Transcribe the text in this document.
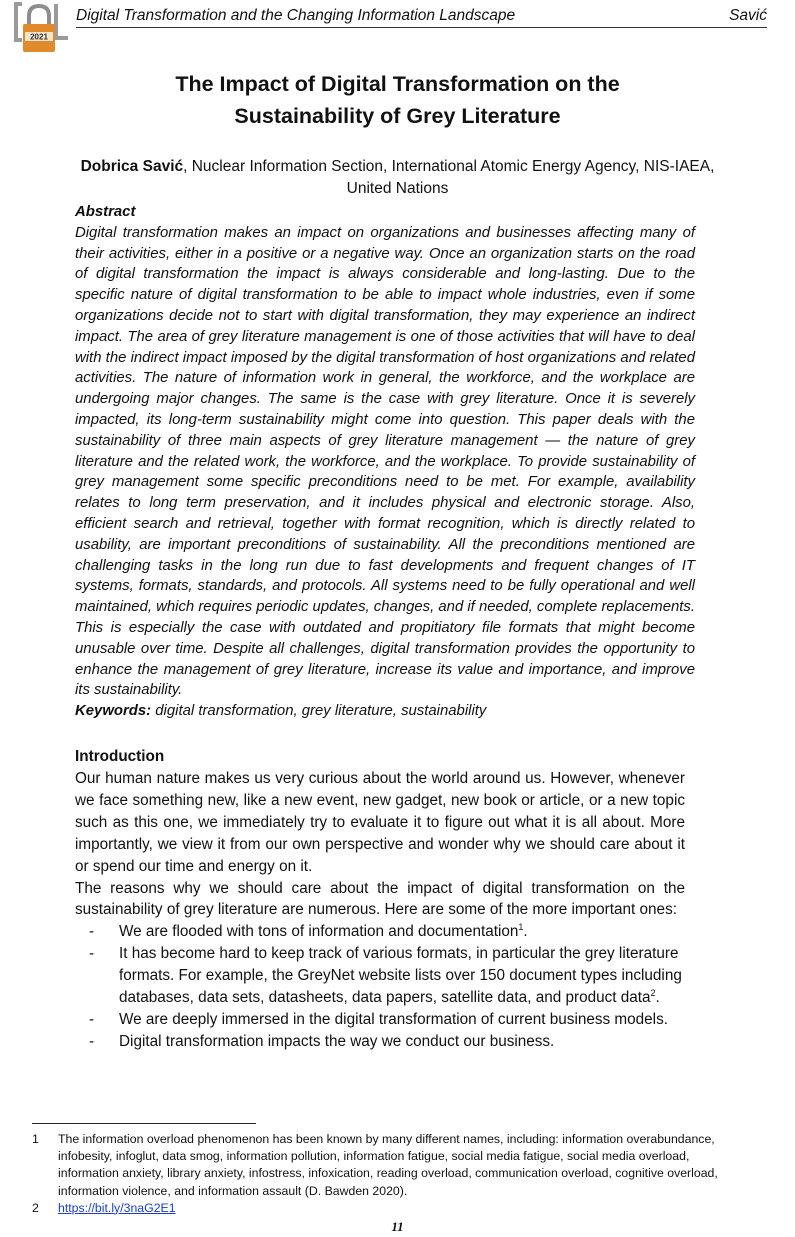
2021
Digital Transformation and the Changing Information Landscape	Savić
The Impact of Digital Transformation on the
Sustainability of Grey Literature

Dobrica Savić, Nuclear Information Section, International Atomic Energy Agency, NIS-IAEA,
United Nations

Abstract

Digital transformation makes an impact on organizations and businesses affecting many of their activities, either in a positive or a negative way. Once an organization starts on the road of digital transformation the impact is always considerable and long-lasting. Due to the specific nature of digital transformation to be able to impact whole industries, even if some organizations decide not to start with digital transformation, they may experience an indirect impact. The area of grey literature management is one of those activities that will have to deal with the indirect impact imposed by the digital transformation of host organizations and related activities. The nature of information work in general, the workforce, and the workplace are undergoing major changes. The same is the case with grey literature. Once it is severely impacted, its long-term sustainability might come into question. This paper deals with the sustainability of three main aspects of grey literature management — the nature of grey literature and the related work, the workforce, and the workplace. To provide sustainability of grey management some specific preconditions need to be met. For example, availability relates to long term preservation, and it includes physical and electronic storage. Also, efficient search and retrieval, together with format recognition, which is directly related to usability, are important preconditions of sustainability. All the preconditions mentioned are challenging tasks in the long run due to fast developments and frequent changes of IT systems, formats, standards, and protocols. All systems need to be fully operational and well maintained, which requires periodic updates, changes, and if needed, complete replacements. This is especially the case with outdated and propitiatory file formats that might become unusable over time. Despite all challenges, digital transformation provides the opportunity to enhance the management of grey literature, increase its value and importance, and improve its sustainability.

Keywords: digital transformation, grey literature, sustainability

Introduction

Our human nature makes us very curious about the world around us. However, whenever we face something new, like a new event, new gadget, new book or article, or a new topic such as this one, we immediately try to evaluate it to figure out what it is all about. More importantly, we view it from our own perspective and wonder why we should care about it or spend our time and energy on it.

The reasons why we should care about the impact of digital transformation on the sustainability of grey literature are numerous. Here are some of the more important ones:

- We are flooded with tons of information and documentation$^1$.
- It has become hard to keep track of various formats, in particular the grey literature formats. For example, the GreyNet website lists over 150 document types including databases, data sets, datasheets, data papers, satellite data, and product data$^2$.
- We are deeply immersed in the digital transformation of current business models.
- Digital transformation impacts the way we conduct our business.

1	The information overload phenomenon has been known by many different names, including: information overabundance, infobesity, infoglut, data smog, information pollution, information fatigue, social media fatigue, social media overload, information anxiety, library anxiety, infostress, infoxication, reading overload, communication overload, cognitive overload, information violence, and information assault (D. Bawden 2020).

2	https://bit.ly/3naG2E1

11
